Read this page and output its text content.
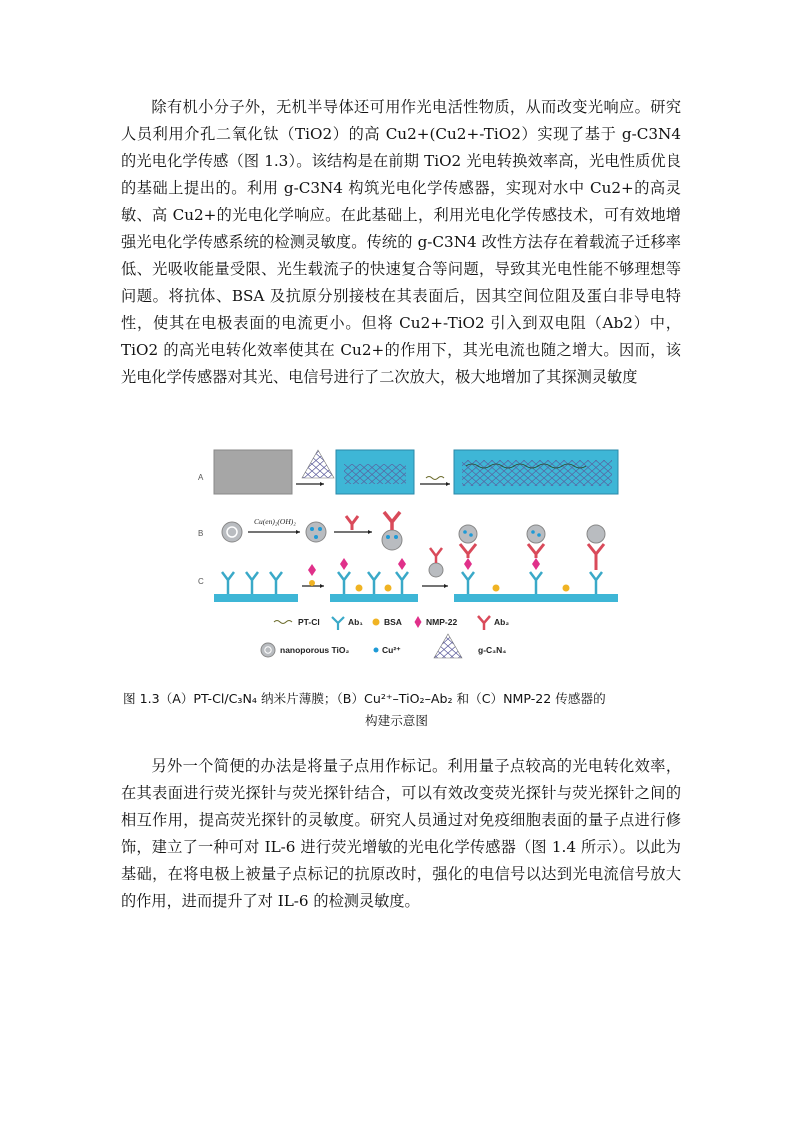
除有机小分子外，无机半导体还可用作光电活性物质，从而改变光响应。研究人员利用介孔二氧化钛（TiO2）的高 Cu2+(Cu2+-TiO2）实现了基于 g-C3N4 的光电化学传感（图 1.3）。该结构是在前期 TiO2 光电转换效率高，光电性质优良的基础上提出的。利用 g-C3N4 构筑光电化学传感器，实现对水中 Cu2+的高灵敏、高 Cu2+的光电化学响应。在此基础上，利用光电化学传感技术，可有效地增强光电化学传感系统的检测灵敏度。传统的 g-C3N4 改性方法存在着载流子迁移率低、光吸收能量受限、光生载流子的快速复合等问题，导致其光电性能不够理想等问题。将抗体、BSA 及抗原分别接枝在其表面后，因其空间位阻及蛋白非导电特性，使其在电极表面的电流更小。但将 Cu2+-TiO2 引入到双电阻（Ab2）中，TiO2 的高光电转化效率使其在 Cu2+的作用下，其光电流也随之增大。因而，该光电化学传感器对其光、电信号进行了二次放大，极大地增加了其探测灵敏度

A
B
Cu(en)₂(OH)₂
C
PT-Cl	Ab₁ BSA	NMP-22	Ab₂
nanoporous TiO₂	Cu²⁺	g-C₃N₄
图 1.3（A）PT-Cl/C₃N₄ 纳米片薄膜；（B）Cu²⁺–TiO₂–Ab₂ 和（C）NMP-22 传感器的
构建示意图

另外一个简便的办法是将量子点用作标记。利用量子点较高的光电转化效率，在其表面进行荧光探针与荧光探针结合，可以有效改变荧光探针与荧光探针之间的相互作用，提高荧光探针的灵敏度。研究人员通过对免疫细胞表面的量子点进行修饰，建立了一种可对 IL-6 进行荧光增敏的光电化学传感器（图 1.4 所示）。以此为基础，在将电极上被量子点标记的抗原改时，强化的电信号以达到光电流信号放大的作用，进而提升了对 IL-6 的检测灵敏度。
